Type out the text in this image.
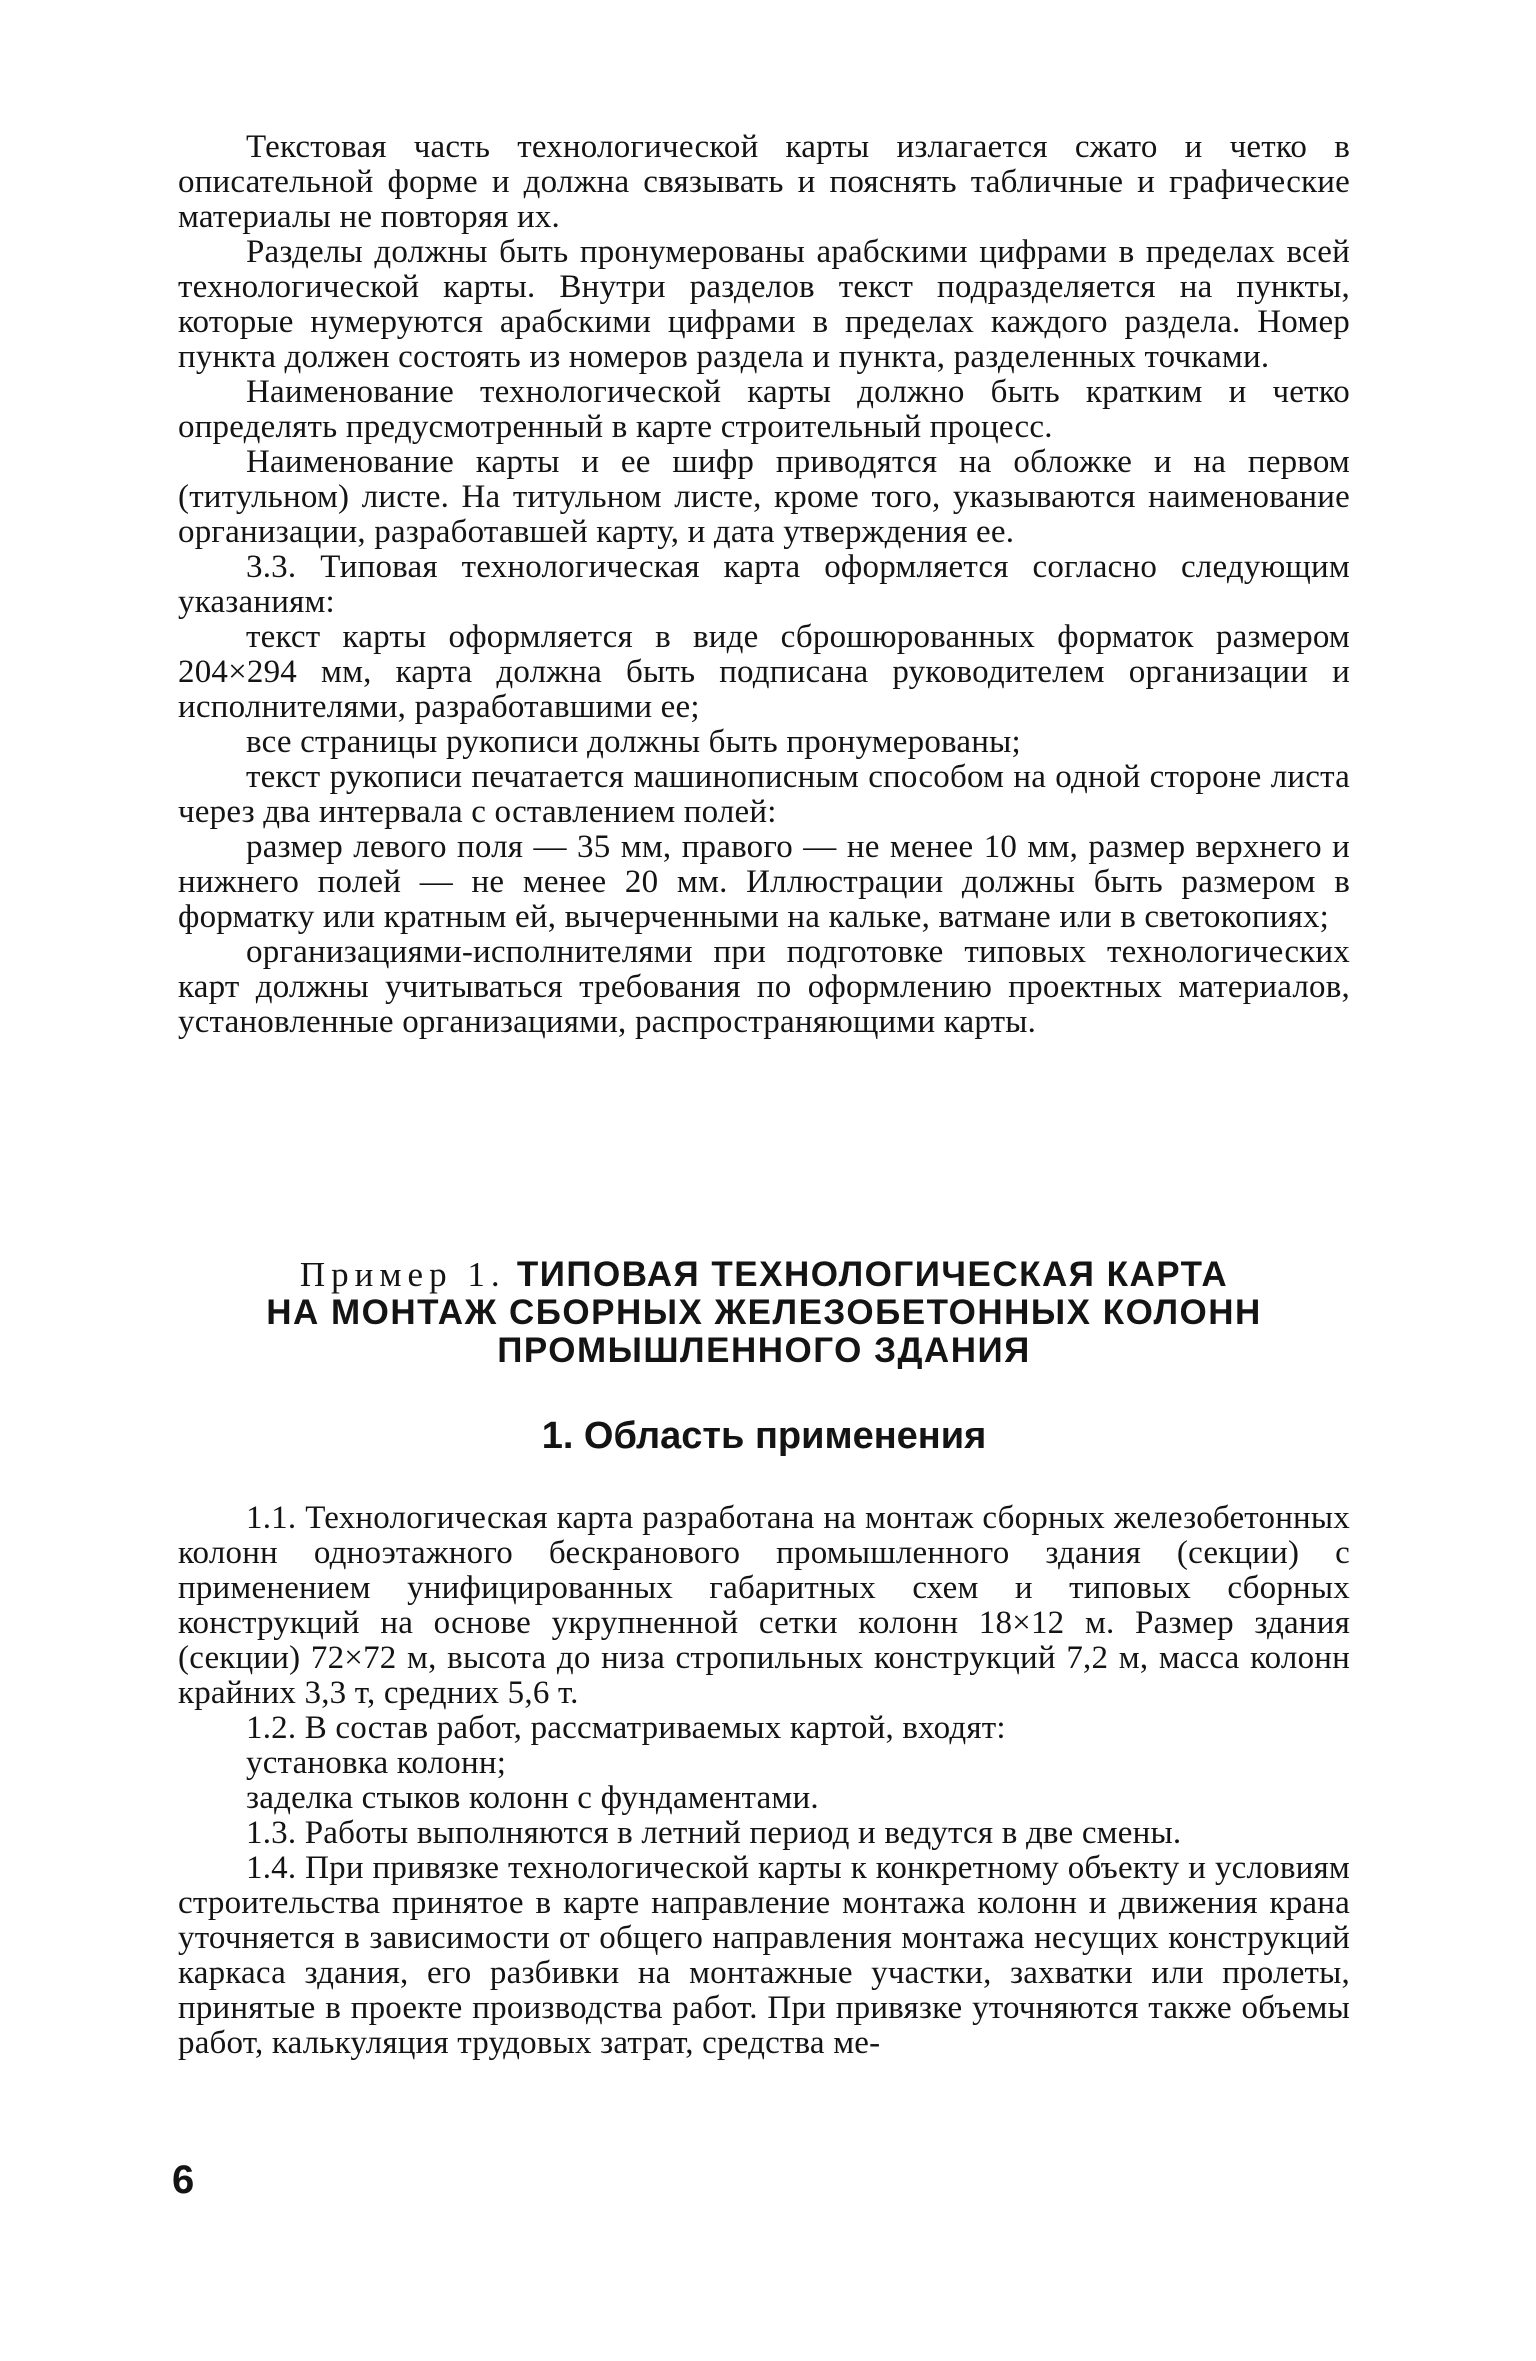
Текстовая часть технологической карты излагается сжато и четко в описательной форме и должна связывать и пояснять табличные и графические материалы не повторяя их.

Разделы должны быть пронумерованы арабскими цифрами в пределах всей технологической карты. Внутри разделов текст подразделяется на пункты, которые нумеруются арабскими цифрами в пределах каждого раздела. Номер пункта должен состоять из номеров раздела и пункта, разделенных точками.

Наименование технологической карты должно быть кратким и четко определять предусмотренный в карте строительный процесс.

Наименование карты и ее шифр приводятся на обложке и на первом (титульном) листе. На титульном листе, кроме того, указываются наименование организации, разработавшей карту, и дата утверждения ее.

3.3. Типовая технологическая карта оформляется согласно следующим указаниям:

текст карты оформляется в виде сброшюрованных форматок размером 204×294 мм, карта должна быть подписана руководителем организации и исполнителями, разработавшими ее;

все страницы рукописи должны быть пронумерованы;

текст рукописи печатается машинописным способом на одной стороне листа через два интервала с оставлением полей:

размер левого поля — 35 мм, правого — не менее 10 мм, размер верхнего и нижнего полей — не менее 20 мм. Иллюстрации должны быть размером в форматку или кратным ей, вычерченными на кальке, ватмане или в светокопиях;

организациями-исполнителями при подготовке типовых технологических карт должны учитываться требования по оформлению проектных материалов, установленные организациями, распространяющими карты.

Пример 1. ТИПОВАЯ ТЕХНОЛОГИЧЕСКАЯ КАРТА
НА МОНТАЖ СБОРНЫХ ЖЕЛЕЗОБЕТОННЫХ КОЛОНН
ПРОМЫШЛЕННОГО ЗДАНИЯ
1. Область применения

1.1. Технологическая карта разработана на монтаж сборных железобетонных колонн одноэтажного бескранового промышленного здания (секции) с применением унифицированных габаритных схем и типовых сборных конструкций на основе укрупненной сетки колонн 18×12 м. Размер здания (секции) 72×72 м, высота до низа стропильных конструкций 7,2 м, масса колонн крайних 3,3 т, средних 5,6 т.

1.2. В состав работ, рассматриваемых картой, входят:

установка колонн;

заделка стыков колонн с фундаментами.

1.3. Работы выполняются в летний период и ведутся в две смены.

1.4. При привязке технологической карты к конкретному объекту и условиям строительства принятое в карте направление монтажа колонн и движения крана уточняется в зависимости от общего направления монтажа несущих конструкций каркаса здания, его разбивки на монтажные участки, захватки или пролеты, принятые в проекте производства работ. При привязке уточняются также объемы работ, калькуляция трудовых затрат, средства ме-

6
